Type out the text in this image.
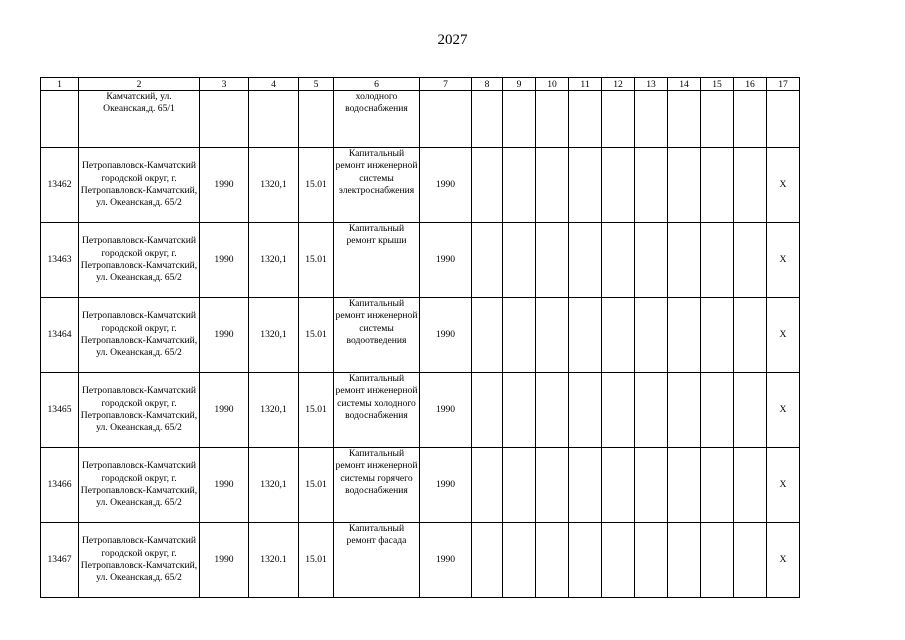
2027
1	2	3	4	5	6	7	8	9	10	11	12	13	14	15	16	17
	Камчатский, ул. Океанская,д. 65/1				холодного водоснабжения											
13462	Петропавловск-Камчатский городской округ, г. Петропавловск-Камчатский, ул. Океанская,д. 65/2	1990	1320,1	15.01	Капитальный ремонт инженерной системы электроснабжения	1990										X
13463	Петропавловск-Камчатский городской округ, г. Петропавловск-Камчатский, ул. Океанская,д. 65/2	1990	1320,1	15.01	Капитальный ремонт крыши	1990										X
13464	Петропавловск-Камчатский городской округ, г. Петропавловск-Камчатский, ул. Океанская,д. 65/2	1990	1320,1	15.01	Капитальный ремонт инженерной системы водоотведения	1990										X
13465	Петропавловск-Камчатский городской округ, г. Петропавловск-Камчатский, ул. Океанская,д. 65/2	1990	1320,1	15.01	Капитальный ремонт инженерной системы холодного водоснабжения	1990										X
13466	Петропавловск-Камчатский городской округ, г. Петропавловск-Камчатский, ул. Океанская,д. 65/2	1990	1320,1	15.01	Капитальный ремонт инженерной системы горячего водоснабжения	1990										X
13467	Петропавловск-Камчатский городской округ, г. Петропавловск-Камчатский, ул. Океанская,д. 65/2	1990	1320.1	15.01	Капитальный ремонт фасада	1990										X
